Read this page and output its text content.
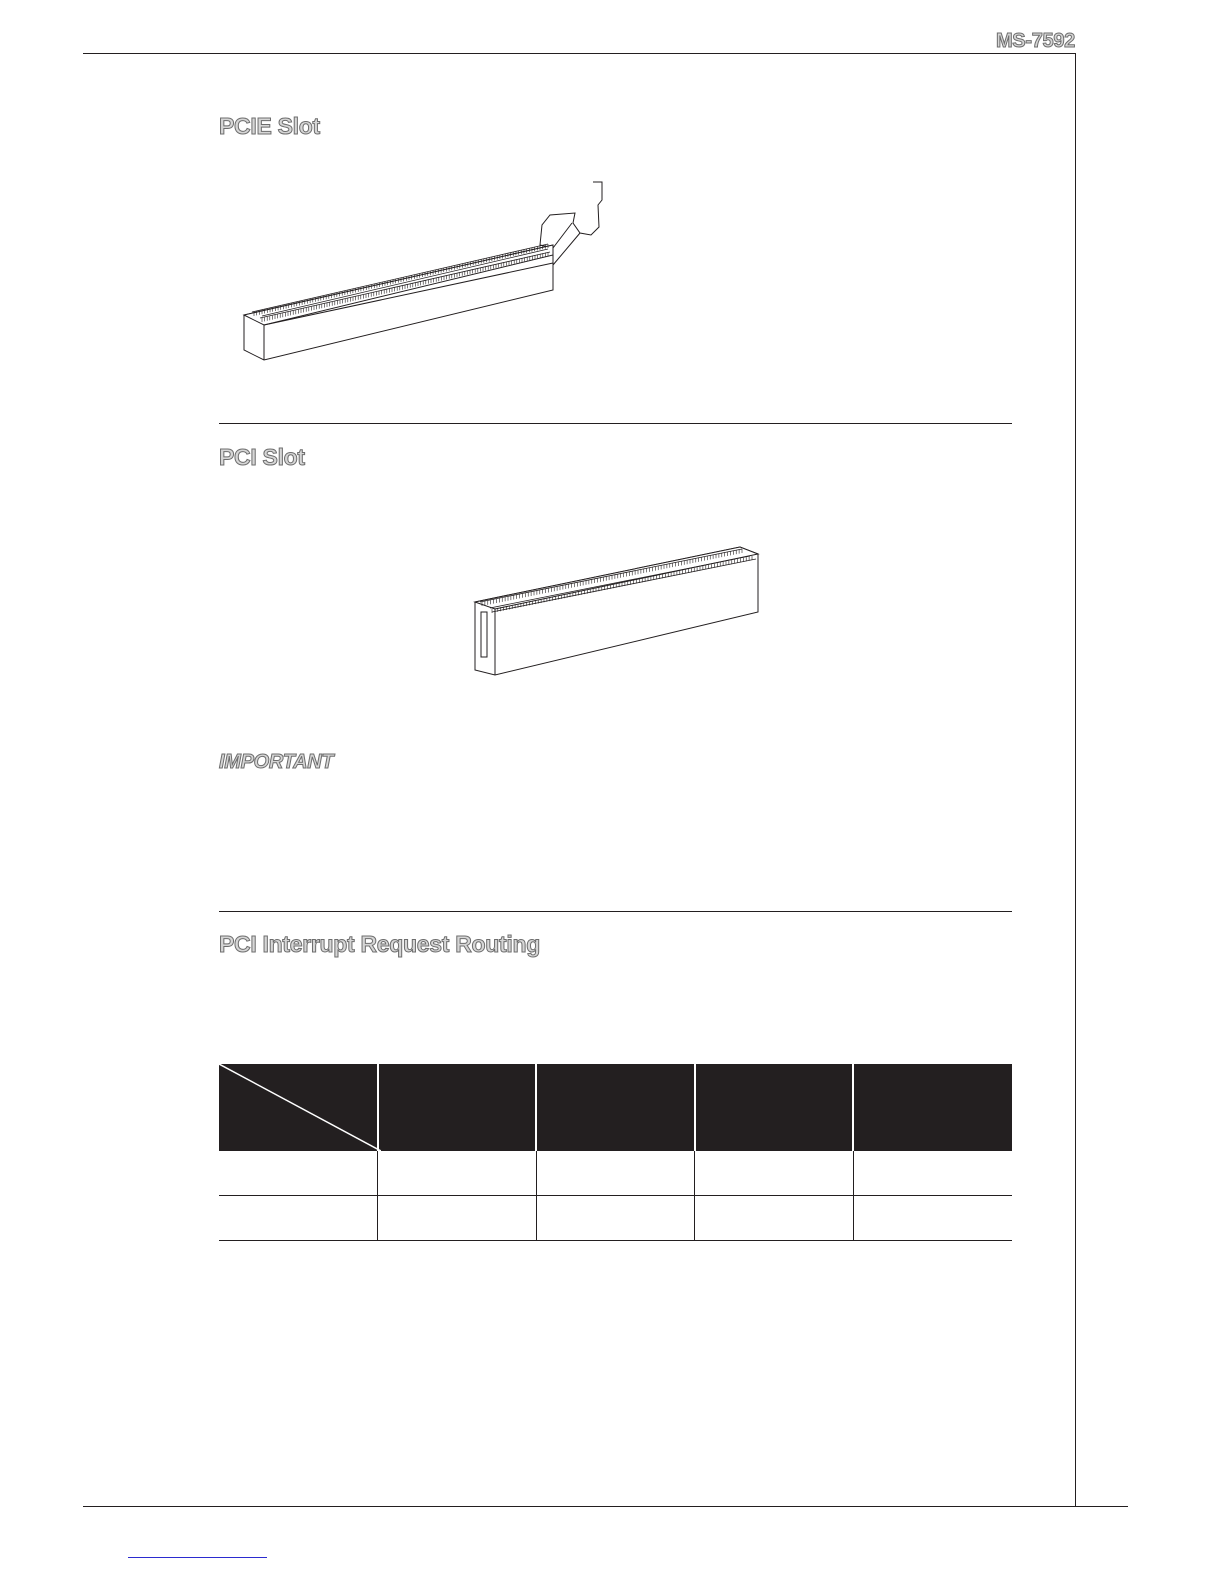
MS-7592
PCIE Slot
PCI Slot
IMPORTANT
PCI Interrupt Request Routing
